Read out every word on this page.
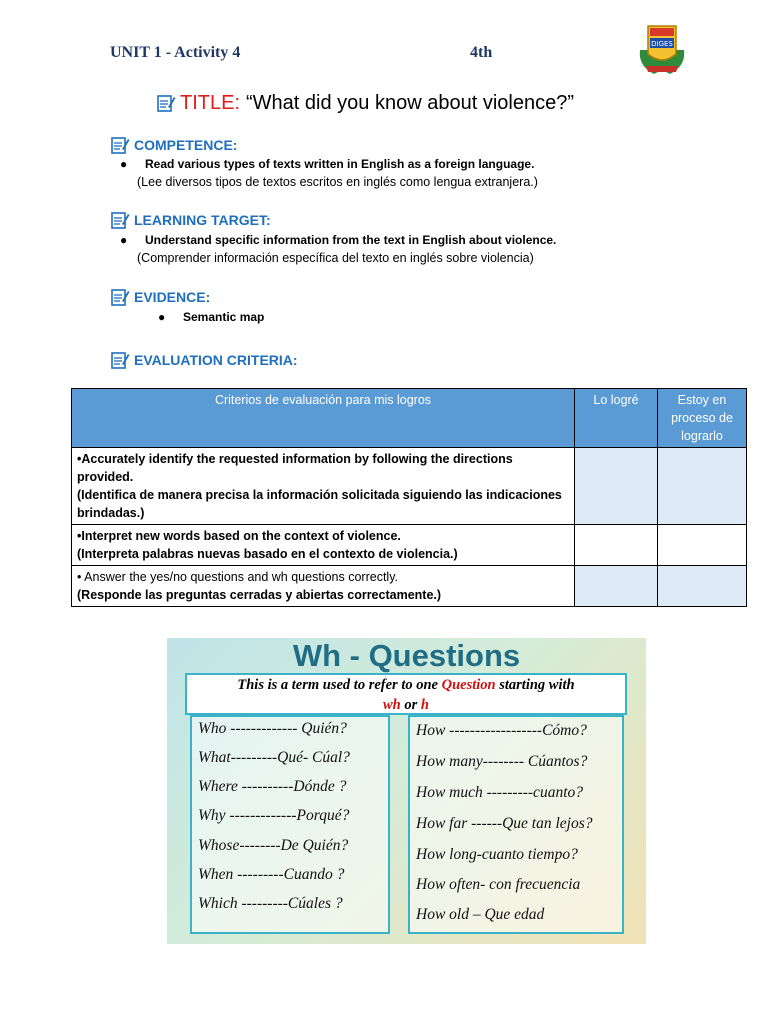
UNIT 1 - Activity 4	4th	DIGES
TITLE: “What did you know about violence?”
COMPETENCE:
● Read various types of texts written in English as a foreign language.
(Lee diversos tipos de textos escritos en inglés como lengua extranjera.)
LEARNING TARGET:
● Understand specific information from the text in English about violence.
(Comprender información específica del texto en inglés sobre violencia)
EVIDENCE:
● Semantic map
EVALUATION CRITERIA:
Criterios de evaluación para mis logros	Lo logré	Estoy en proceso de lograrlo

•Accurately identify the requested information by following the directions provided.
(Identifica de manera precisa la información solicitada siguiendo las indicaciones brindadas.)		

•Interpret new words based on the context of violence.
(Interpreta palabras nuevas basado en el contexto de violencia.)		

• Answer the yes/no questions and wh questions correctly.
(Responde las preguntas cerradas y abiertas correctamente.)		

Wh - Questions
This is a term used to refer to one Question starting with
wh or h
Who ------------- Quién?
What---------Qué- Cúal?
Where ----------Dónde ?
Why -------------Porqué?
Whose--------De Quién?
When ---------Cuando ?
Which ---------Cúales ?
How ------------------Cómo?
How many-------- Cúantos?
How much ---------cuanto?
How far ------Que tan lejos?
How long-cuanto tiempo?
How often- con frecuencia
How old – Que edad
